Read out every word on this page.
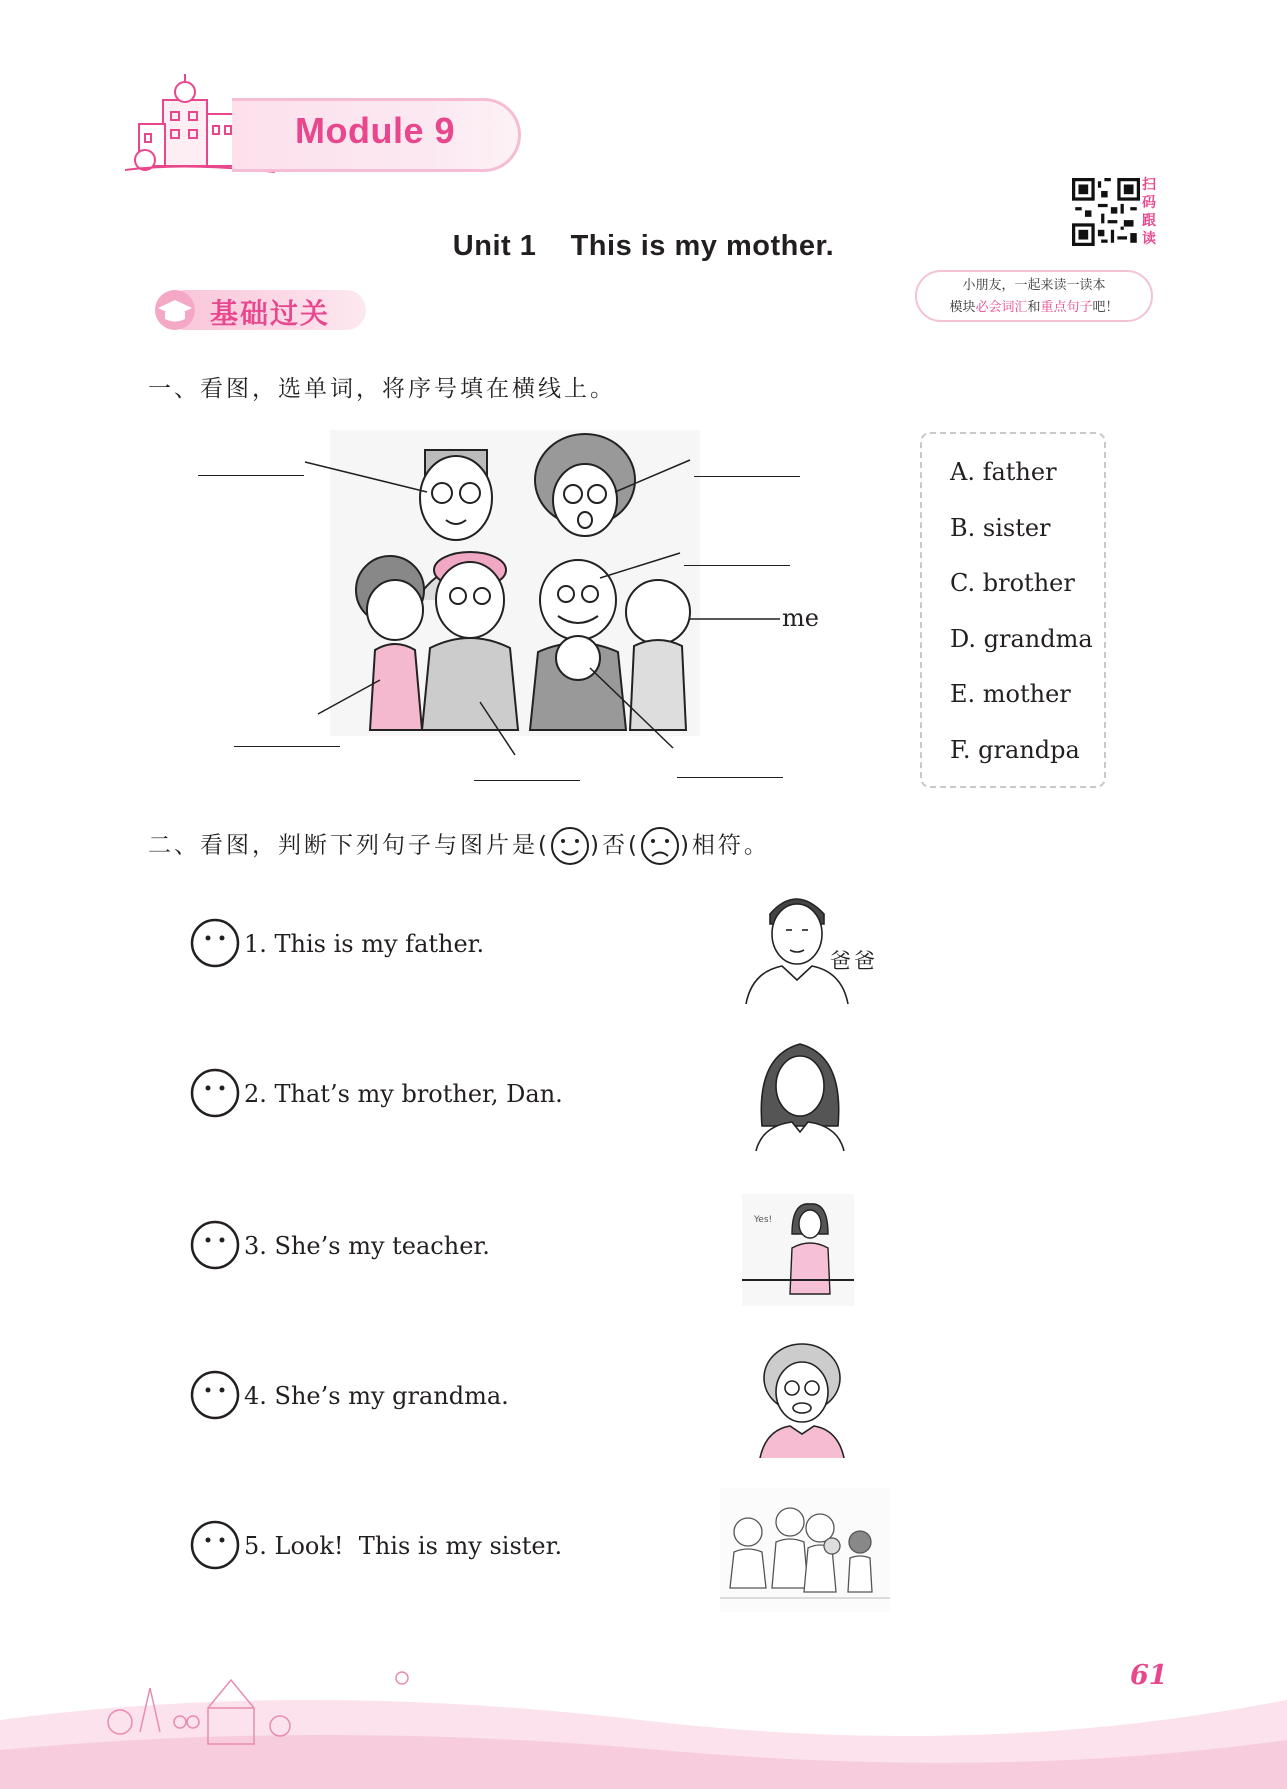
Module 9
Unit 1 This is my mother.
扫
码
跟
读
小朋友，一起来读一读本
模块必会词汇和重点句子吧！
基础过关
一、看图，选单词，将序号填在横线上。
me
A. father
B. sister
C. brother
D. grandma
E. mother
F. grandpa
二、看图，判断下列句子与图片是( )否( )相符。
1. This is my father.
2. That’s my brother, Dan.
3. She’s my teacher.
4. She’s my grandma.
5. Look!  This is my sister.
爸爸
Yes!
61
